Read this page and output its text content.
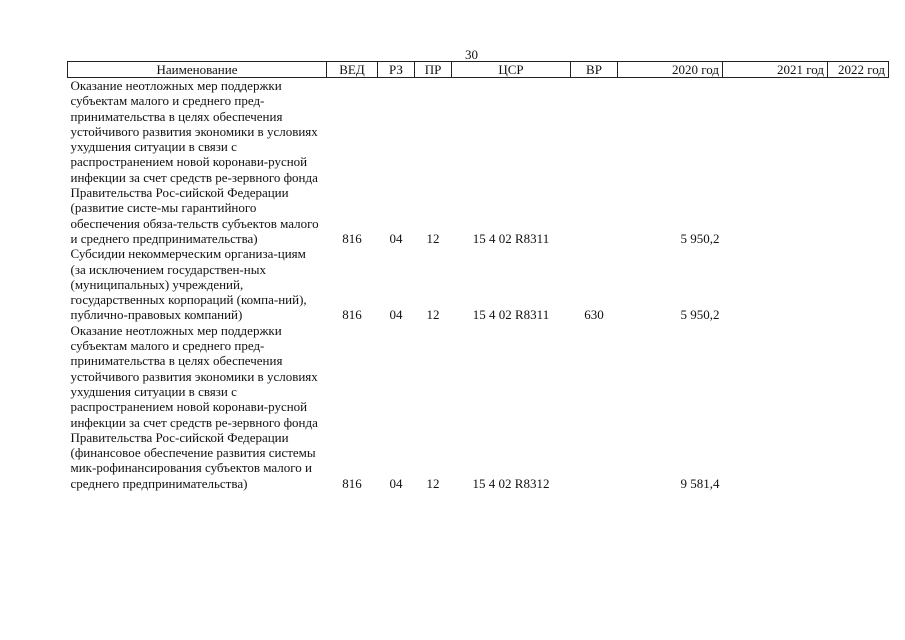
30
Наименование	ВЕД	РЗ	ПР	ЦСР	ВР	2020 год	2021 год	2022 год
Оказание неотложных мер поддержки субъектам малого и среднего пред-принимательства в целях обеспечения устойчивого развития экономики в условиях ухудшения ситуации в связи с распространением новой коронави-русной инфекции за счет средств ре-зервного фонда Правительства Рос-сийской Федерации (развитие систе-мы гарантийного обеспечения обяза-тельств субъектов малого и среднего предпринимательства)	816	04	12	15 4 02 R8311		5 950,2		
Субсидии некоммерческим организа-циям (за исключением государствен-ных (муниципальных) учреждений, государственных корпораций (компа-ний), публично-правовых компаний)	816	04	12	15 4 02 R8311	630	5 950,2		
Оказание неотложных мер поддержки субъектам малого и среднего пред-принимательства в целях обеспечения устойчивого развития экономики в условиях ухудшения ситуации в связи с распространением новой коронави-русной инфекции за счет средств ре-зервного фонда Правительства Рос-сийской Федерации (финансовое обеспечение развития системы мик-рофинансирования субъектов малого и среднего предпринимательства)	816	04	12	15 4 02 R8312		9 581,4		
